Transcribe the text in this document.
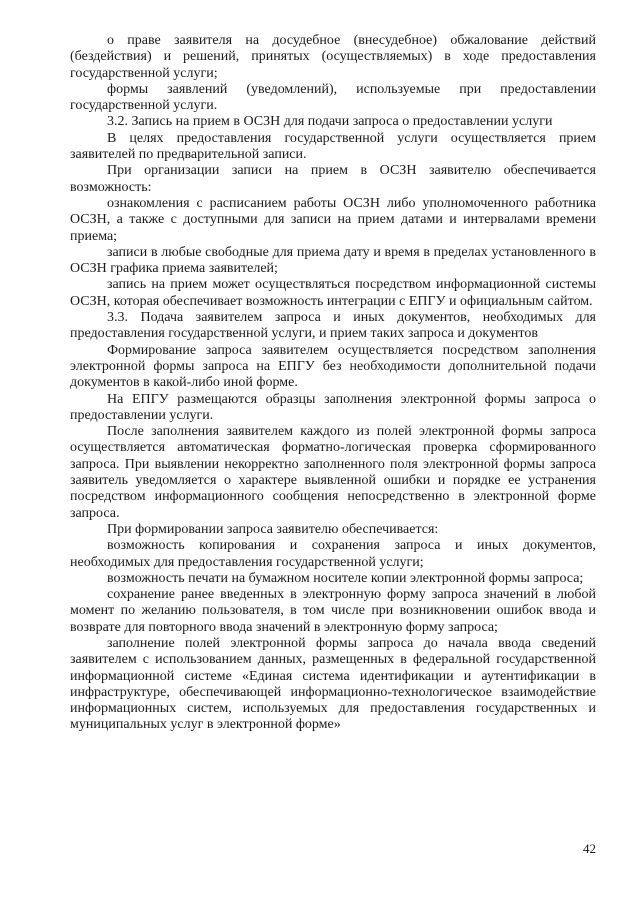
о праве заявителя на досудебное (внесудебное) обжалование действий (бездействия) и решений, принятых (осуществляемых) в ходе предоставления государственной услуги;

формы заявлений (уведомлений), используемые при предоставлении государственной услуги.

3.2. Запись на прием в ОСЗН для подачи запроса о предоставлении услуги

В целях предоставления государственной услуги осуществляется прием заявителей по предварительной записи.

При организации записи на прием в ОСЗН заявителю обеспечивается возможность:

ознакомления с расписанием работы ОСЗН либо уполномоченного работника ОСЗН, а также с доступными для записи на прием датами и интервалами времени приема;

записи в любые свободные для приема дату и время в пределах установленного в ОСЗН графика приема заявителей;

запись на прием может осуществляться посредством информационной системы ОСЗН, которая обеспечивает возможность интеграции с ЕПГУ и официальным сайтом.

3.3. Подача заявителем запроса и иных документов, необходимых для предоставления государственной услуги, и прием таких запроса и документов

Формирование запроса заявителем осуществляется посредством заполнения электронной формы запроса на ЕПГУ без необходимости дополнительной подачи документов в какой-либо иной форме.

На ЕПГУ размещаются образцы заполнения электронной формы запроса о предоставлении услуги.

После заполнения заявителем каждого из полей электронной формы запроса осуществляется автоматическая форматно-логическая проверка сформированного запроса. При выявлении некорректно заполненного поля электронной формы запроса заявитель уведомляется о характере выявленной ошибки и порядке ее устранения посредством информационного сообщения непосредственно в электронной форме запроса.

При формировании запроса заявителю обеспечивается:

возможность копирования и сохранения запроса и иных документов, необходимых для предоставления государственной услуги;

возможность печати на бумажном носителе копии электронной формы запроса;

сохранение ранее введенных в электронную форму запроса значений в любой момент по желанию пользователя, в том числе при возникновении ошибок ввода и возврате для повторного ввода значений в электронную форму запроса;

заполнение полей электронной формы запроса до начала ввода сведений заявителем с использованием данных, размещенных в федеральной государственной информационной системе «Единая система идентификации и аутентификации в инфраструктуре, обеспечивающей информационно-технологическое взаимодействие информационных систем, используемых для предоставления государственных и муниципальных услуг в электронной форме»

42
